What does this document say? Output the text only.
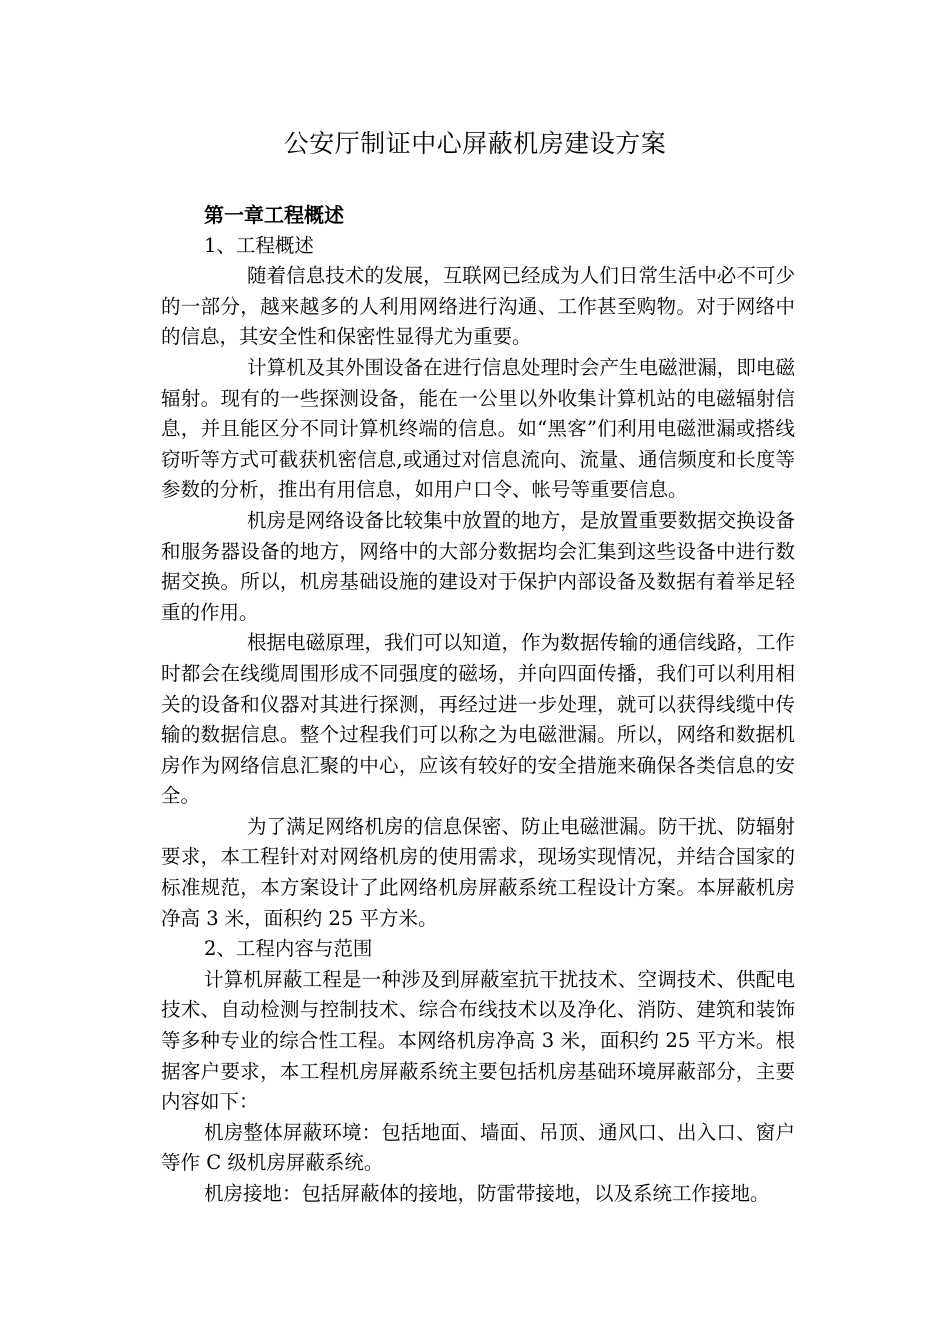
公安厅制证中心屏蔽机房建设方案

第一章工程概述

1、工程概述

随着信息技术的发展，互联网已经成为人们日常生活中必不可少的一部分，越来越多的人利用网络进行沟通、工作甚至购物。对于网络中的信息，其安全性和保密性显得尤为重要。

计算机及其外围设备在进行信息处理时会产生电磁泄漏，即电磁辐射。现有的一些探测设备，能在一公里以外收集计算机站的电磁辐射信息，并且能区分不同计算机终端的信息。如“黑客”们利用电磁泄漏或搭线窃听等方式可截获机密信息,或通过对信息流向、流量、通信频度和长度等参数的分析，推出有用信息，如用户口令、帐号等重要信息。

机房是网络设备比较集中放置的地方，是放置重要数据交换设备和服务器设备的地方，网络中的大部分数据均会汇集到这些设备中进行数据交换。所以，机房基础设施的建设对于保护内部设备及数据有着举足轻重的作用。

根据电磁原理，我们可以知道，作为数据传输的通信线路，工作时都会在线缆周围形成不同强度的磁场，并向四面传播，我们可以利用相关的设备和仪器对其进行探测，再经过进一步处理，就可以获得线缆中传输的数据信息。整个过程我们可以称之为电磁泄漏。所以，网络和数据机房作为网络信息汇聚的中心，应该有较好的安全措施来确保各类信息的安全。

为了满足网络机房的信息保密、防止电磁泄漏。防干扰、防辐射要求，本工程针对对网络机房的使用需求，现场实现情况，并结合国家的标准规范，本方案设计了此网络机房屏蔽系统工程设计方案。本屏蔽机房净高 3 米，面积约 25 平方米。

2、工程内容与范围

计算机屏蔽工程是一种涉及到屏蔽室抗干扰技术、空调技术、供配电技术、自动检测与控制技术、综合布线技术以及净化、消防、建筑和装饰等多种专业的综合性工程。本网络机房净高 3 米，面积约 25 平方米。根据客户要求，本工程机房屏蔽系统主要包括机房基础环境屏蔽部分，主要内容如下：

机房整体屏蔽环境：包括地面、墙面、吊顶、通风口、出入口、窗户等作 C 级机房屏蔽系统。

机房接地：包括屏蔽体的接地，防雷带接地，以及系统工作接地。
